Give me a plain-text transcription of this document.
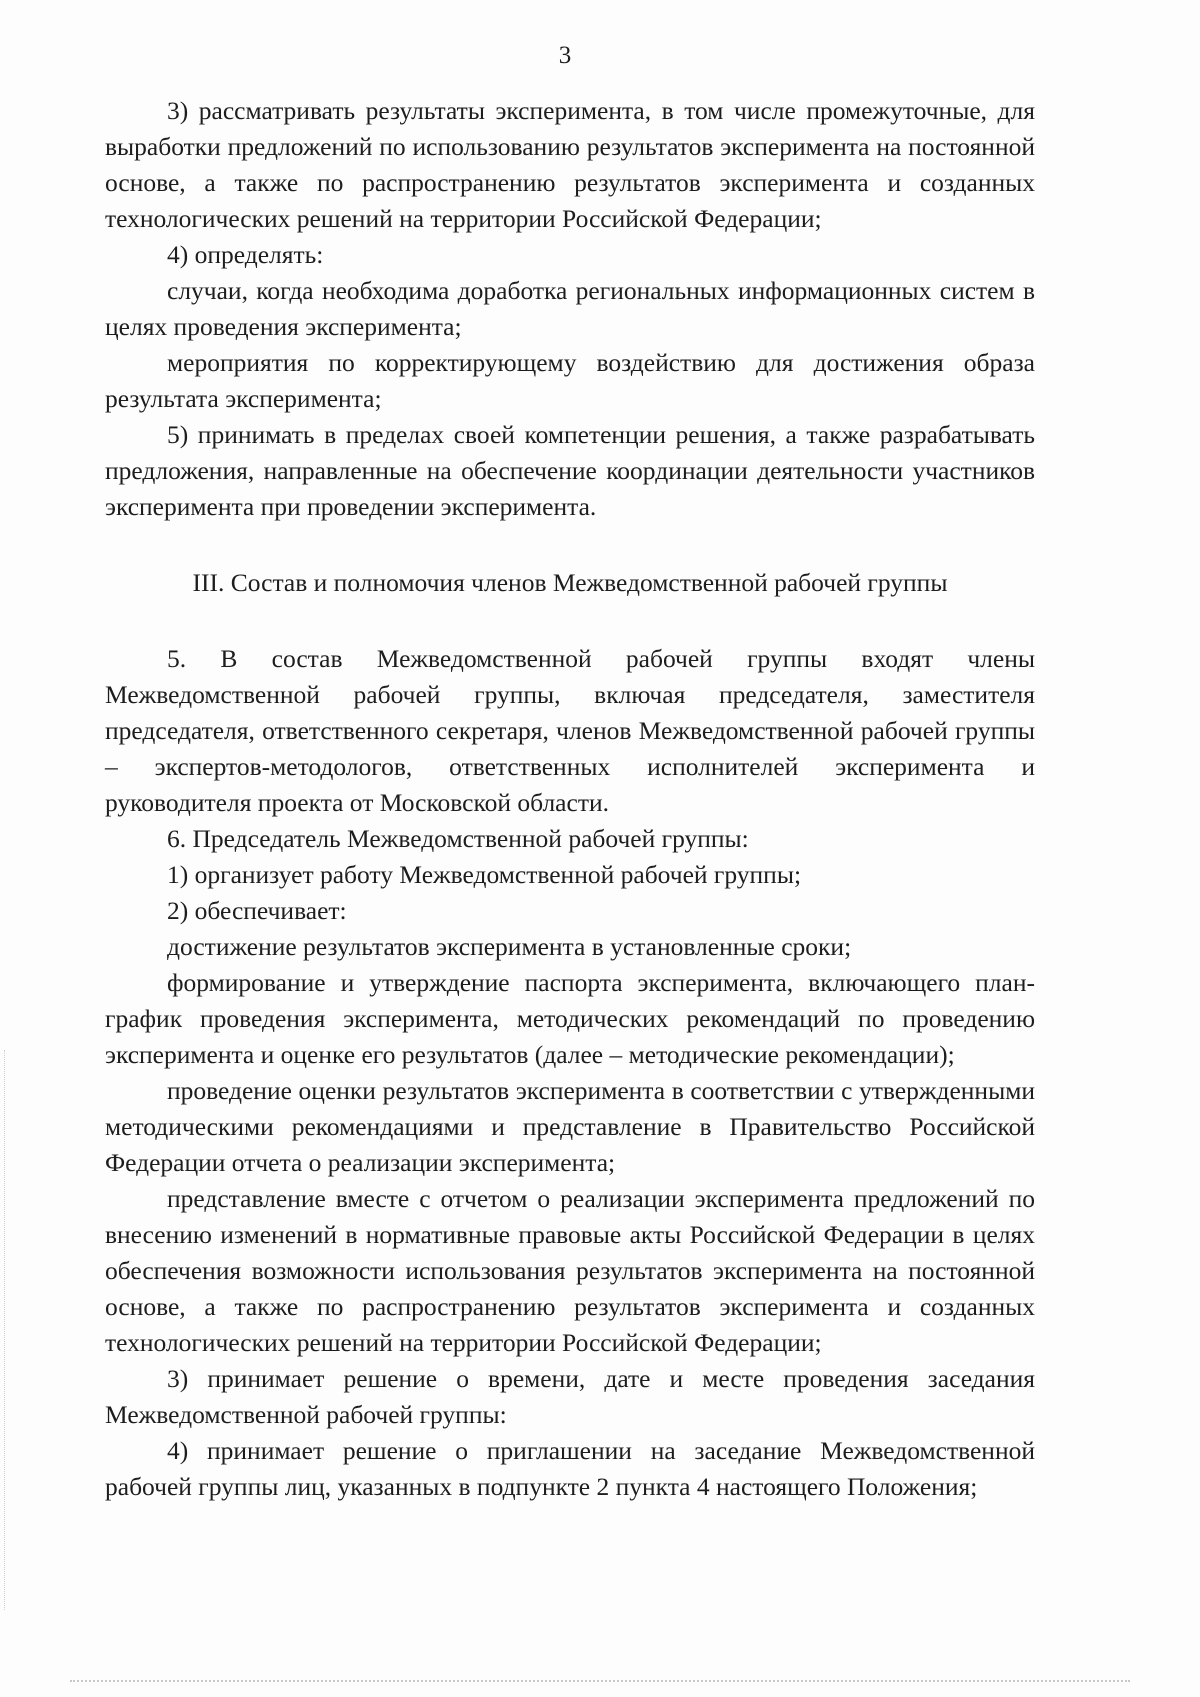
3

3) рассматривать результаты эксперимента, в том числе промежуточные, для выработки предложений по использованию результатов эксперимента на постоянной основе, а также по распространению результатов эксперимента и созданных технологических решений на территории Российской Федерации;

4) определять:

случаи, когда необходима доработка региональных информационных систем в целях проведения эксперимента;

мероприятия по корректирующему воздействию для достижения образа результата эксперимента;

5) принимать в пределах своей компетенции решения, а также разрабатывать предложения, направленные на обеспечение координации деятельности участников эксперимента при проведении эксперимента.

III. Состав и полномочия членов Межведомственной рабочей группы

5. В состав Межведомственной рабочей группы входят члены Межведомственной рабочей группы, включая председателя, заместителя председателя, ответственного секретаря, членов Межведомственной рабочей группы – экспертов-методологов, ответственных исполнителей эксперимента и руководителя проекта от Московской области.

6. Председатель Межведомственной рабочей группы:

1) организует работу Межведомственной рабочей группы;

2) обеспечивает:

достижение результатов эксперимента в установленные сроки;

формирование и утверждение паспорта эксперимента, включающего план-график проведения эксперимента, методических рекомендаций по проведению эксперимента и оценке его результатов (далее – методические рекомендации);

проведение оценки результатов эксперимента в соответствии с утвержденными методическими рекомендациями и представление в Правительство Российской Федерации отчета о реализации эксперимента;

представление вместе с отчетом о реализации эксперимента предложений по внесению изменений в нормативные правовые акты Российской Федерации в целях обеспечения возможности использования результатов эксперимента на постоянной основе, а также по распространению результатов эксперимента и созданных технологических решений на территории Российской Федерации;

3) принимает решение о времени, дате и месте проведения заседания Межведомственной рабочей группы:

4) принимает решение о приглашении на заседание Межведомственной рабочей группы лиц, указанных в подпункте 2 пункта 4 настоящего Положения;
